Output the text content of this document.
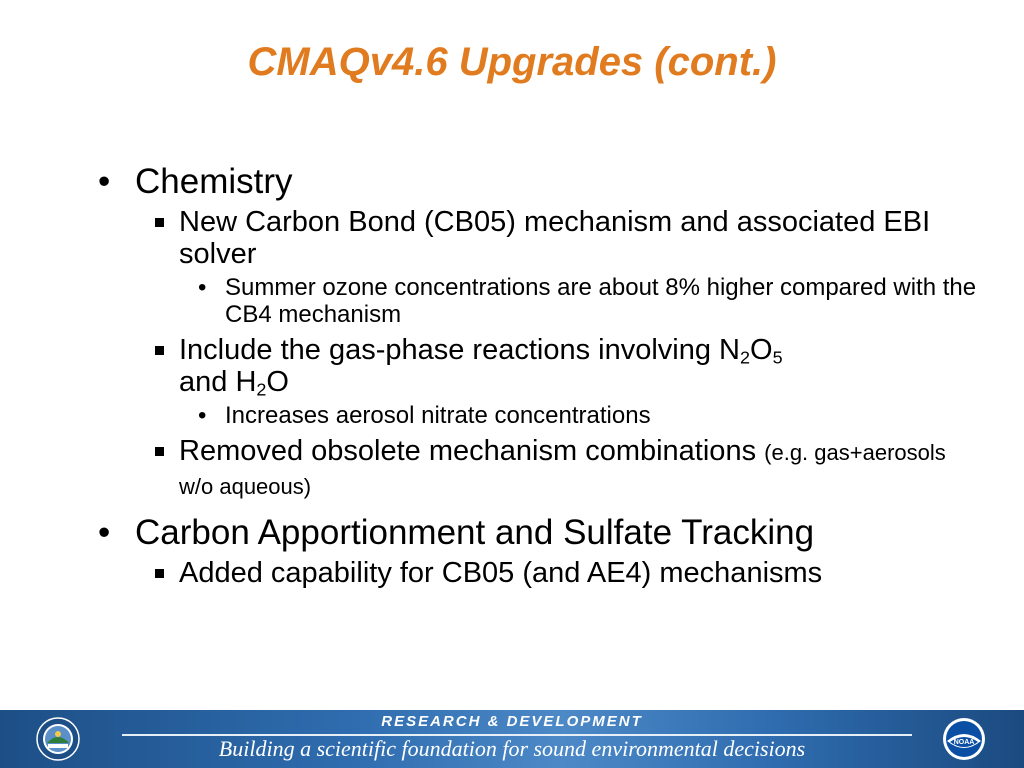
CMAQv4.6 Upgrades (cont.)
• Chemistry
New Carbon Bond (CB05) mechanism and associated EBI solver
• Summer ozone concentrations are about 8% higher compared with the CB4 mechanism
Include the gas-phase reactions involving $N_2O_5$
and $H_2O$
• Increases aerosol nitrate concentrations
Removed obsolete mechanism combinations (e.g. gas+aerosols w/o aqueous)
• Carbon Apportionment and Sulfate Tracking
Added capability for CB05 (and AE4) mechanisms
RESEARCH & DEVELOPMENT
Building a scientific foundation for sound environmental decisions	NOAA
